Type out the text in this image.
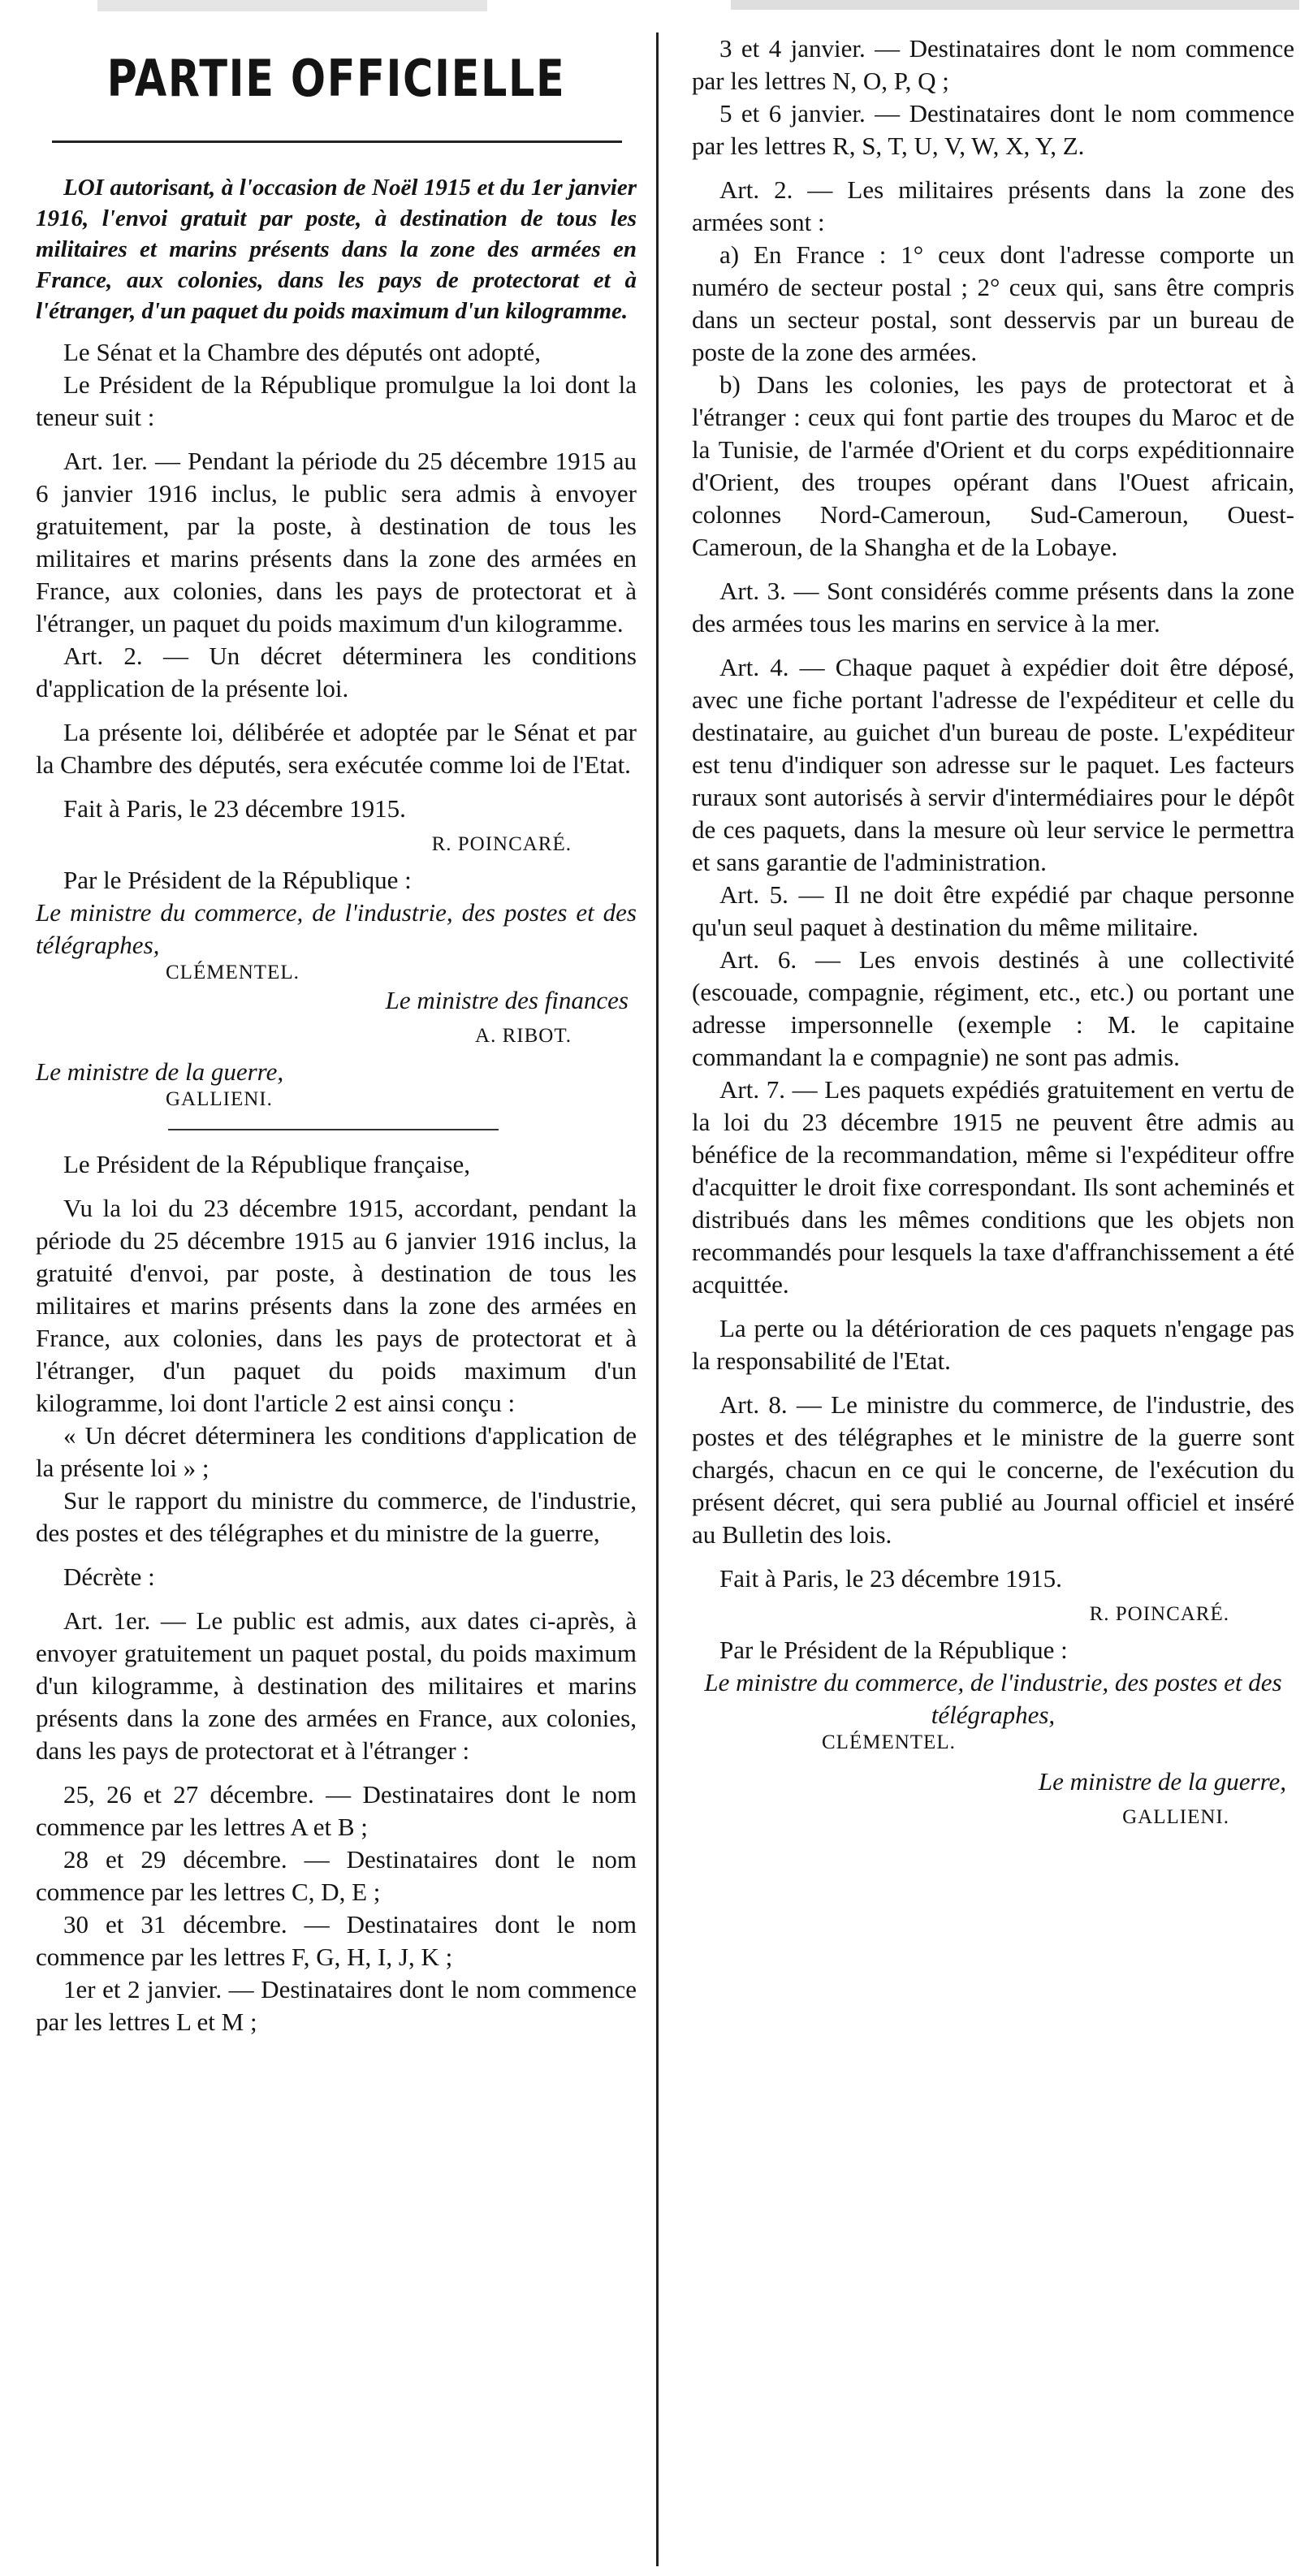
PARTIE OFFICIELLE

LOI autorisant, à l'occasion de Noël 1915 et du 1er janvier 1916, l'envoi gratuit par poste, à destination de tous les militaires et marins présents dans la zone des armées en France, aux colonies, dans les pays de protectorat et à l'étranger, d'un paquet du poids maximum d'un kilogramme.

Le Sénat et la Chambre des députés ont adopté,

Le Président de la République promulgue la loi dont la teneur suit :

Art. 1er. — Pendant la période du 25 décembre 1915 au 6 janvier 1916 inclus, le public sera admis à envoyer gratuitement, par la poste, à destination de tous les militaires et marins présents dans la zone des armées en France, aux colonies, dans les pays de protectorat et à l'étranger, un paquet du poids maximum d'un kilogramme.

Art. 2. — Un décret déterminera les conditions d'application de la présente loi.

La présente loi, délibérée et adoptée par le Sénat et par la Chambre des députés, sera exécutée comme loi de l'Etat.

Fait à Paris, le 23 décembre 1915.

R. POINCARÉ.

Par le Président de la République :

Le ministre du commerce, de l'industrie, des postes et des télégraphes,

CLÉMENTEL.

Le ministre des finances

A. RIBOT.

Le ministre de la guerre,

GALLIENI.

Le Président de la République française,

Vu la loi du 23 décembre 1915, accordant, pendant la période du 25 décembre 1915 au 6 janvier 1916 inclus, la gratuité d'envoi, par poste, à destination de tous les militaires et marins présents dans la zone des armées en France, aux colonies, dans les pays de protectorat et à l'étranger, d'un paquet du poids maximum d'un kilogramme, loi dont l'article 2 est ainsi conçu :

« Un décret déterminera les conditions d'application de la présente loi » ;

Sur le rapport du ministre du commerce, de l'industrie, des postes et des télégraphes et du ministre de la guerre,

Décrète :

Art. 1er. — Le public est admis, aux dates ci-après, à envoyer gratuitement un paquet postal, du poids maximum d'un kilogramme, à destination des militaires et marins présents dans la zone des armées en France, aux colonies, dans les pays de protectorat et à l'étranger :

25, 26 et 27 décembre. — Destinataires dont le nom commence par les lettres A et B ;

28 et 29 décembre. — Destinataires dont le nom commence par les lettres C, D, E ;

30 et 31 décembre. — Destinataires dont le nom commence par les lettres F, G, H, I, J, K ;

1er et 2 janvier. — Destinataires dont le nom commence par les lettres L et M ;

3 et 4 janvier. — Destinataires dont le nom commence par les lettres N, O, P, Q ;

5 et 6 janvier. — Destinataires dont le nom commence par les lettres R, S, T, U, V, W, X, Y, Z.

Art. 2. — Les militaires présents dans la zone des armées sont :

a) En France : 1° ceux dont l'adresse comporte un numéro de secteur postal ; 2° ceux qui, sans être compris dans un secteur postal, sont desservis par un bureau de poste de la zone des armées.

b) Dans les colonies, les pays de protectorat et à l'étranger : ceux qui font partie des troupes du Maroc et de la Tunisie, de l'armée d'Orient et du corps expéditionnaire d'Orient, des troupes opérant dans l'Ouest africain, colonnes Nord-Cameroun, Sud-Cameroun, Ouest-Cameroun, de la Shangha et de la Lobaye.

Art. 3. — Sont considérés comme présents dans la zone des armées tous les marins en service à la mer.

Art. 4. — Chaque paquet à expédier doit être déposé, avec une fiche portant l'adresse de l'expéditeur et celle du destinataire, au guichet d'un bureau de poste. L'expéditeur est tenu d'indiquer son adresse sur le paquet. Les facteurs ruraux sont autorisés à servir d'intermédiaires pour le dépôt de ces paquets, dans la mesure où leur service le permettra et sans garantie de l'administration.

Art. 5. — Il ne doit être expédié par chaque personne qu'un seul paquet à destination du même militaire.

Art. 6. — Les envois destinés à une collectivité (escouade, compagnie, régiment, etc., etc.) ou portant une adresse impersonnelle (exemple : M. le capitaine commandant la e compagnie) ne sont pas admis.

Art. 7. — Les paquets expédiés gratuitement en vertu de la loi du 23 décembre 1915 ne peuvent être admis au bénéfice de la recommandation, même si l'expéditeur offre d'acquitter le droit fixe correspondant. Ils sont acheminés et distribués dans les mêmes conditions que les objets non recommandés pour lesquels la taxe d'affranchissement a été acquittée.

La perte ou la détérioration de ces paquets n'engage pas la responsabilité de l'Etat.

Art. 8. — Le ministre du commerce, de l'industrie, des postes et des télégraphes et le ministre de la guerre sont chargés, chacun en ce qui le concerne, de l'exécution du présent décret, qui sera publié au Journal officiel et inséré au Bulletin des lois.

Fait à Paris, le 23 décembre 1915.

R. POINCARÉ.

Par le Président de la République :

Le ministre du commerce, de l'industrie, des postes et des télégraphes,

CLÉMENTEL.

Le ministre de la guerre,

GALLIENI.
